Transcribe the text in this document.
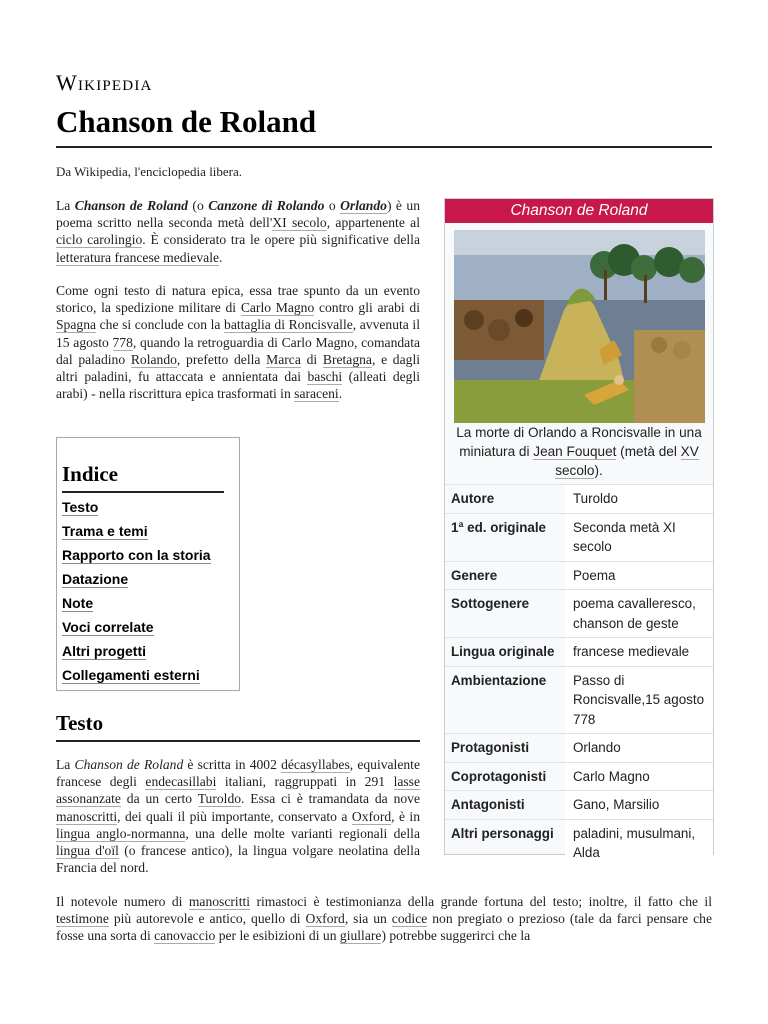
Wikipedia
Chanson de Roland
Da Wikipedia, l'enciclopedia libera.
La Chanson de Roland (o Canzone di Rolando o Orlando) è un poema scritto nella seconda metà dell'XI secolo, appartenente al ciclo carolingio. È considerato tra le opere più significative della letteratura francese medievale.
Come ogni testo di natura epica, essa trae spunto da un evento storico, la spedizione militare di Carlo Magno contro gli arabi di Spagna che si conclude con la battaglia di Roncisvalle, avvenuta il 15 agosto 778, quando la retroguardia di Carlo Magno, comandata dal paladino Rolando, prefetto della Marca di Bretagna, e dagli altri paladini, fu attaccata e annientata dai baschi (alleati degli arabi) - nella riscrittura epica trasformati in saraceni.
Indice
Testo
Trama e temi
Rapporto con la storia
Datazione
Note
Voci correlate
Altri progetti
Collegamenti esterni
Testo
La Chanson de Roland è scritta in 4002 décasyllabes, equivalente francese degli endecasillabi italiani, raggruppati in 291 lasse assonanzate da un certo Turoldo. Essa ci è tramandata da nove manoscritti, dei quali il più importante, conservato a Oxford, è in lingua anglo-normanna, una delle molte varianti regionali della lingua d'oïl (o francese antico), la lingua volgare neolatina della Francia del nord.
Il notevole numero di manoscritti rimastoci è testimonianza della grande fortuna del testo; inoltre, il fatto che il testimone più autorevole e antico, quello di Oxford, sia un codice non pregiato o prezioso (tale da farci pensare che fosse una sorta di canovaccio per le esibizioni di un giullare) potrebbe suggerirci che la
Chanson de Roland
La morte di Orlando a Roncisvalle in una miniatura di Jean Fouquet (metà del XV secolo).
Autore	Turoldo
1ª ed. originale	Seconda metà XI secolo
Genere	Poema
Sottogenere	poema cavalleresco, chanson de geste
Lingua originale	francese medievale
Ambientazione	Passo di Roncisvalle,15 agosto 778
Protagonisti	Orlando
Coprotagonisti	Carlo Magno
Antagonisti	Gano, Marsilio
Altri personaggi	paladini, musulmani, Alda
